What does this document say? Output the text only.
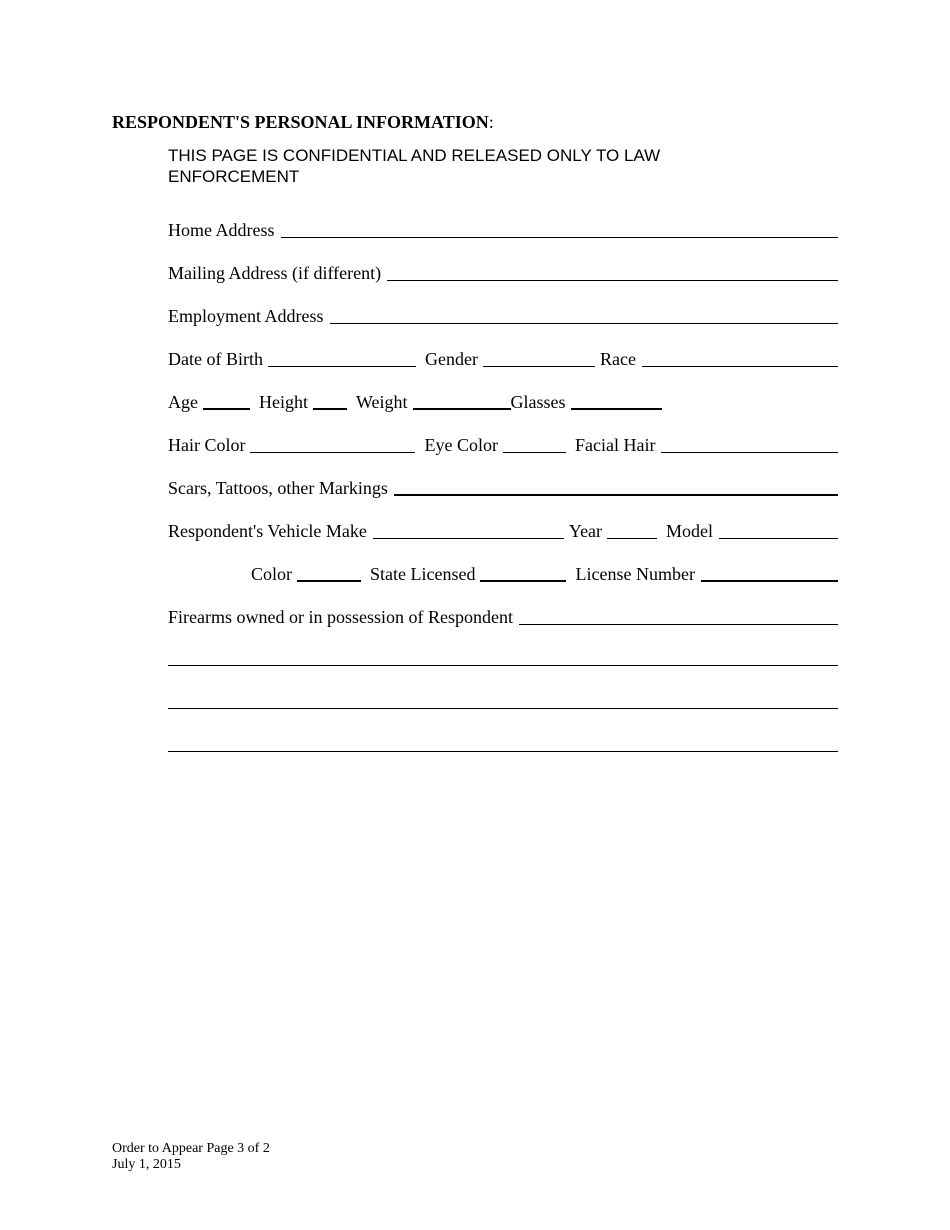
RESPONDENT'S PERSONAL INFORMATION:
THIS PAGE IS CONFIDENTIAL AND RELEASED ONLY TO LAW ENFORCEMENT
Home Address
Mailing Address (if different)
Employment Address
Date of Birth	Gender	Race
Age	Height	Weight	Glasses
Hair Color	Eye Color	Facial Hair
Scars, Tattoos, other Markings
Respondent's Vehicle Make	Year	Model
Color	State Licensed	License Number
Firearms owned or in possession of Respondent
Order to Appear Page 3 of 2
July 1, 2015
